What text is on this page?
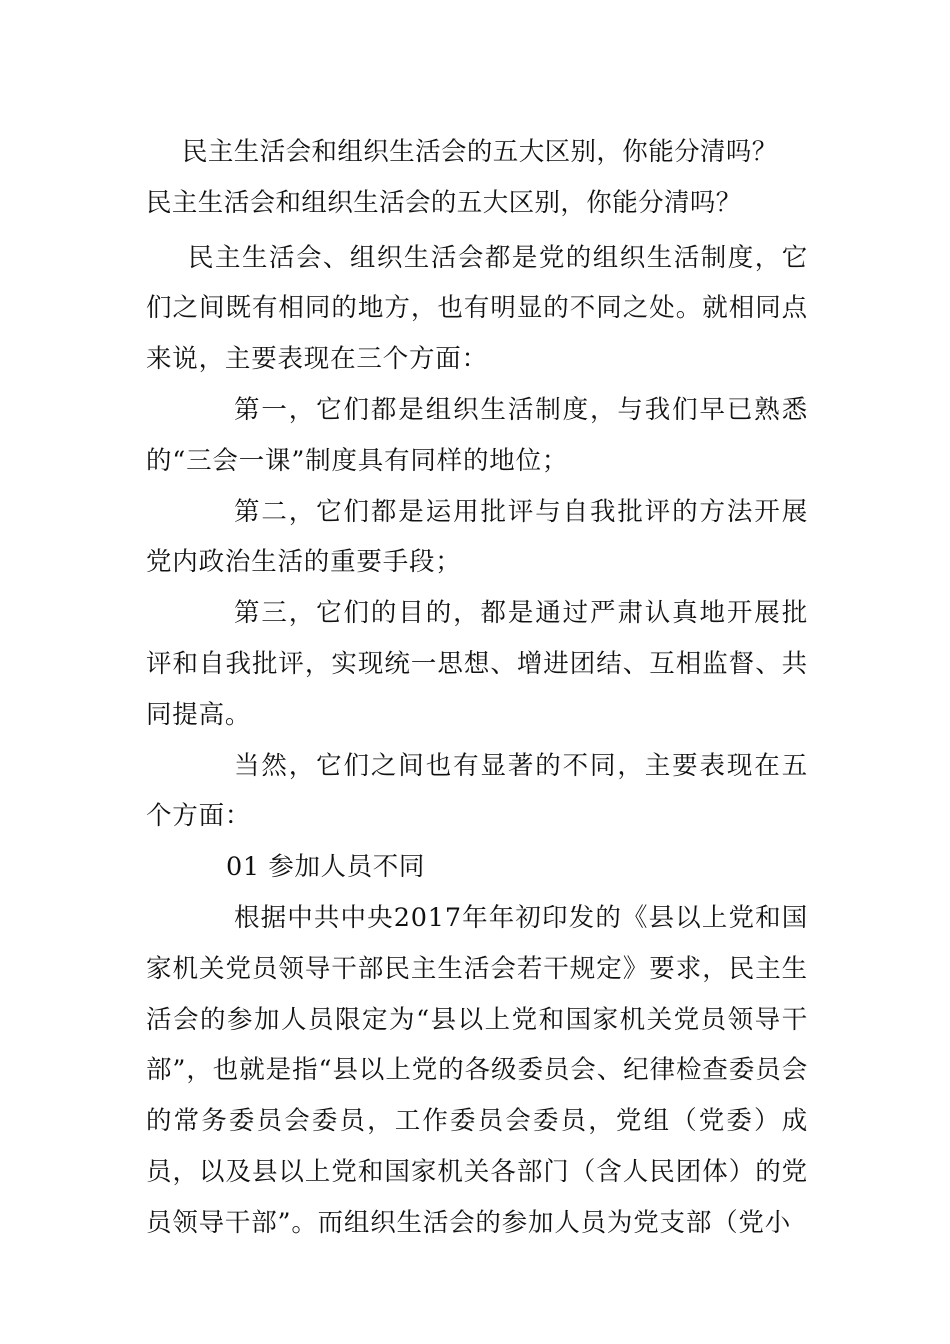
民主生活会和组织生活会的五大区别，你能分清吗？

民主生活会和组织生活会的五大区别，你能分清吗？

民主生活会、组织生活会都是党的组织生活制度，它们之间既有相同的地方，也有明显的不同之处。就相同点来说，主要表现在三个方面：

第一，它们都是组织生活制度，与我们早已熟悉的“三会一课”制度具有同样的地位；

第二，它们都是运用批评与自我批评的方法开展党内政治生活的重要手段；

第三，它们的目的，都是通过严肃认真地开展批评和自我批评，实现统一思想、增进团结、互相监督、共同提高。

当然，它们之间也有显著的不同，主要表现在五个方面：

01 参加人员不同

根据中共中央2017年年初印发的《县以上党和国家机关党员领导干部民主生活会若干规定》要求，民主生活会的参加人员限定为“县以上党和国家机关党员领导干部”，也就是指“县以上党的各级委员会、纪律检查委员会的常务委员会委员，工作委员会委员，党组（党委）成员，以及县以上党和国家机关各部门（含人民团体）的党员领导干部”。而组织生活会的参加人员为党支部（党小
